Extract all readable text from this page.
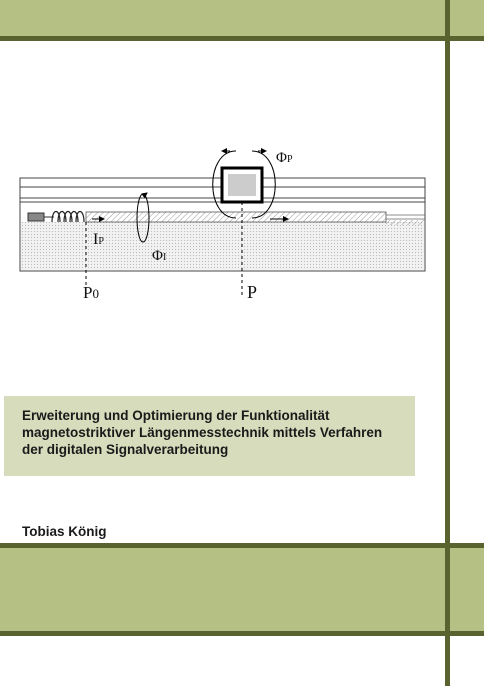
ΦP
IP
ΦI
P0	P
Erweiterung und Optimierung der Funktionalität
magnetostriktiver Längenmesstechnik mittels Verfahren
der digitalen Signalverarbeitung
Tobias König
